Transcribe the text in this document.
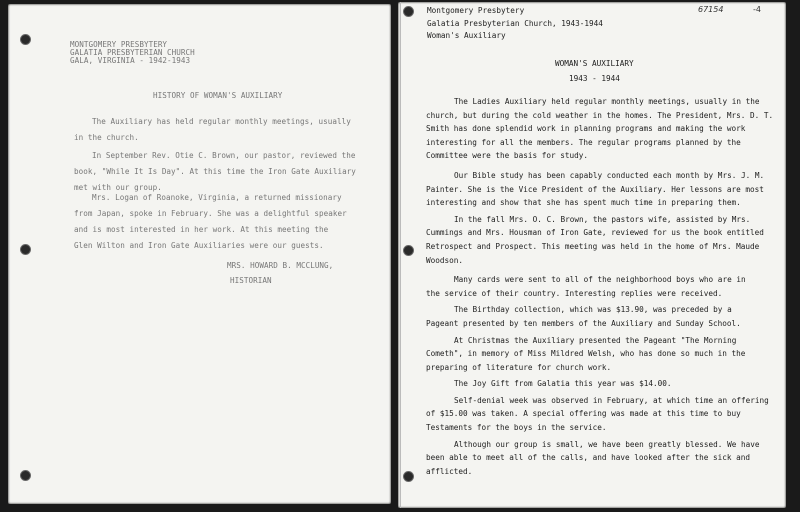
MONTGOMERY PRESBYTERY
GALATIA PRESBYTERIAN CHURCH
GALA, VIRGINIA - 1942-1943
HISTORY OF WOMAN'S AUXILIARY
The Auxiliary has held regular monthly meetings, usually
in the church.
In September Rev. Otie C. Brown, our pastor, reviewed the
book, "While It Is Day". At this time the Iron Gate Auxiliary
met with our group.
Mrs. Logan of Roanoke, Virginia, a returned missionary
from Japan, spoke in February. She was a delightful speaker
and is most interested in her work. At this meeting the
Glen Wilton and Iron Gate Auxiliaries were our guests.
MRS. HOWARD B. MCCLUNG,
HISTORIAN
67154	-4
Montgomery Presbytery
Galatia Presbyterian Church, 1943-1944
Woman's Auxiliary
WOMAN'S AUXILIARY
1943 - 1944
The Ladies Auxiliary held regular monthly meetings, usually in the
church, but during the cold weather in the homes. The President, Mrs. D. T.
Smith has done splendid work in planning programs and making the work
interesting for all the members. The regular programs planned by the
Committee were the basis for study.
Our Bible study has been capably conducted each month by Mrs. J. M.
Painter. She is the Vice President of the Auxiliary. Her lessons are most
interesting and show that she has spent much time in preparing them.
In the fall Mrs. O. C. Brown, the pastors wife, assisted by Mrs.
Cummings and Mrs. Housman of Iron Gate, reviewed for us the book entitled
Retrospect and Prospect. This meeting was held in the home of Mrs. Maude
Woodson.
Many cards were sent to all of the neighborhood boys who are in
the service of their country. Interesting replies were received.
The Birthday collection, which was $13.90, was preceded by a
Pageant presented by ten members of the Auxiliary and Sunday School.
At Christmas the Auxiliary presented the Pageant "The Morning
Cometh", in memory of Miss Mildred Welsh, who has done so much in the
preparing of literature for church work.
The Joy Gift from Galatia this year was $14.00.
Self-denial week was observed in February, at which time an offering
of $15.00 was taken. A special offering was made at this time to buy
Testaments for the boys in the service.
Although our group is small, we have been greatly blessed. We have
been able to meet all of the calls, and have looked after the sick and
afflicted.
